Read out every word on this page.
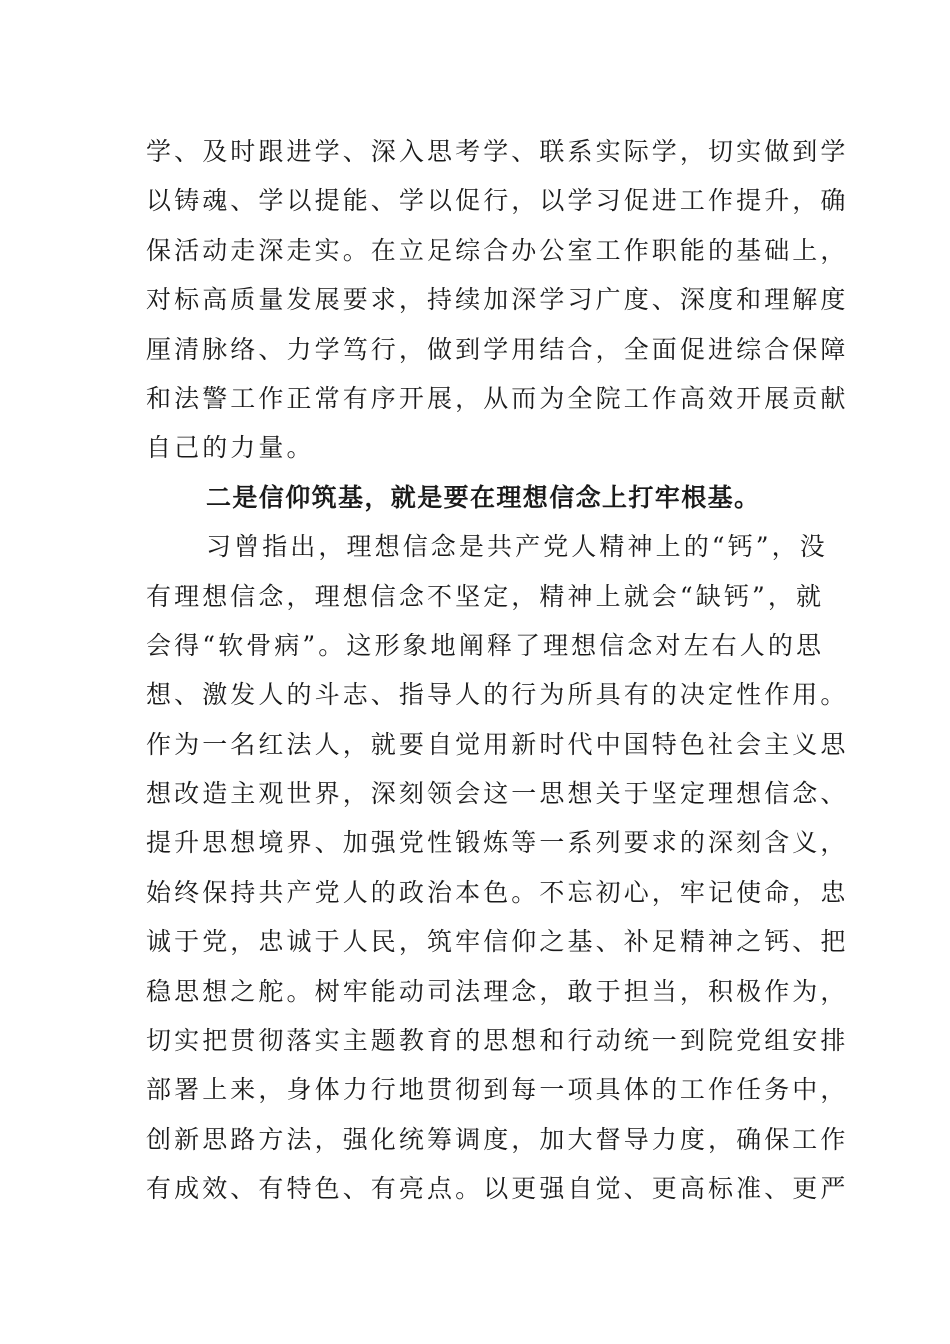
学、及时跟进学、深入思考学、联系实际学，切实做到学
以铸魂、学以提能、学以促行，以学习促进工作提升，确
保活动走深走实。在立足综合办公室工作职能的基础上，
对标高质量发展要求，持续加深学习广度、深度和理解度
厘清脉络、力学笃行，做到学用结合，全面促进综合保障
和法警工作正常有序开展，从而为全院工作高效开展贡献
自己的力量。
二是信仰筑基，就是要在理想信念上打牢根基。
习曾指出，理想信念是共产党人精神上的“钙”，没
有理想信念，理想信念不坚定，精神上就会“缺钙”，就
会得“软骨病”。这形象地阐释了理想信念对左右人的思
想、激发人的斗志、指导人的行为所具有的决定性作用。
作为一名红法人，就要自觉用新时代中国特色社会主义思
想改造主观世界，深刻领会这一思想关于坚定理想信念、
提升思想境界、加强党性锻炼等一系列要求的深刻含义，
始终保持共产党人的政治本色。不忘初心，牢记使命，忠
诚于党，忠诚于人民，筑牢信仰之基、补足精神之钙、把
稳思想之舵。树牢能动司法理念，敢于担当，积极作为，
切实把贯彻落实主题教育的思想和行动统一到院党组安排
部署上来，身体力行地贯彻到每一项具体的工作任务中，
创新思路方法，强化统筹调度，加大督导力度，确保工作
有成效、有特色、有亮点。以更强自觉、更高标准、更严
